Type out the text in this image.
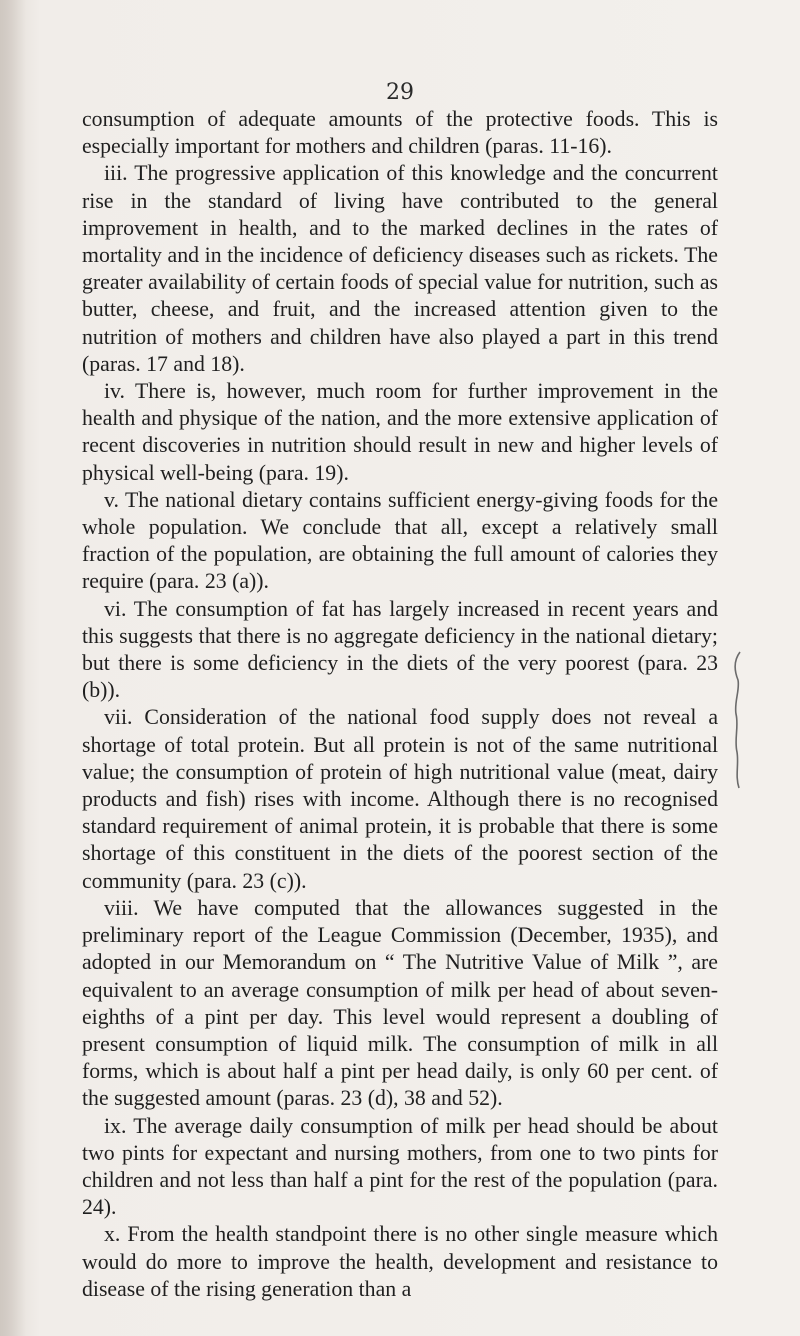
29

consumption of adequate amounts of the protective foods. This is especially important for mothers and children (paras. 11-16).

iii. The progressive application of this knowledge and the concurrent rise in the standard of living have contributed to the general improvement in health, and to the marked declines in the rates of mortality and in the incidence of deficiency diseases such as rickets. The greater availability of certain foods of special value for nutrition, such as butter, cheese, and fruit, and the increased attention given to the nutrition of mothers and children have also played a part in this trend (paras. 17 and 18).

iv. There is, however, much room for further improvement in the health and physique of the nation, and the more extensive application of recent discoveries in nutrition should result in new and higher levels of physical well-being (para. 19).

v. The national dietary contains sufficient energy-giving foods for the whole population. We conclude that all, except a relatively small fraction of the population, are obtaining the full amount of calories they require (para. 23 (a)).

vi. The consumption of fat has largely increased in recent years and this suggests that there is no aggregate deficiency in the national dietary; but there is some deficiency in the diets of the very poorest (para. 23 (b)).

vii. Consideration of the national food supply does not reveal a shortage of total protein. But all protein is not of the same nutritional value; the consumption of protein of high nutritional value (meat, dairy products and fish) rises with income. Although there is no recognised standard requirement of animal protein, it is probable that there is some shortage of this constituent in the diets of the poorest section of the community (para. 23 (c)).

viii. We have computed that the allowances suggested in the preliminary report of the League Commission (December, 1935), and adopted in our Memorandum on “ The Nutritive Value of Milk ”, are equivalent to an average consumption of milk per head of about seven-eighths of a pint per day. This level would represent a doubling of present consumption of liquid milk. The consumption of milk in all forms, which is about half a pint per head daily, is only 60 per cent. of the suggested amount (paras. 23 (d), 38 and 52).

ix. The average daily consumption of milk per head should be about two pints for expectant and nursing mothers, from one to two pints for children and not less than half a pint for the rest of the population (para. 24).

x. From the health standpoint there is no other single measure which would do more to improve the health, development and resistance to disease of the rising generation than a
